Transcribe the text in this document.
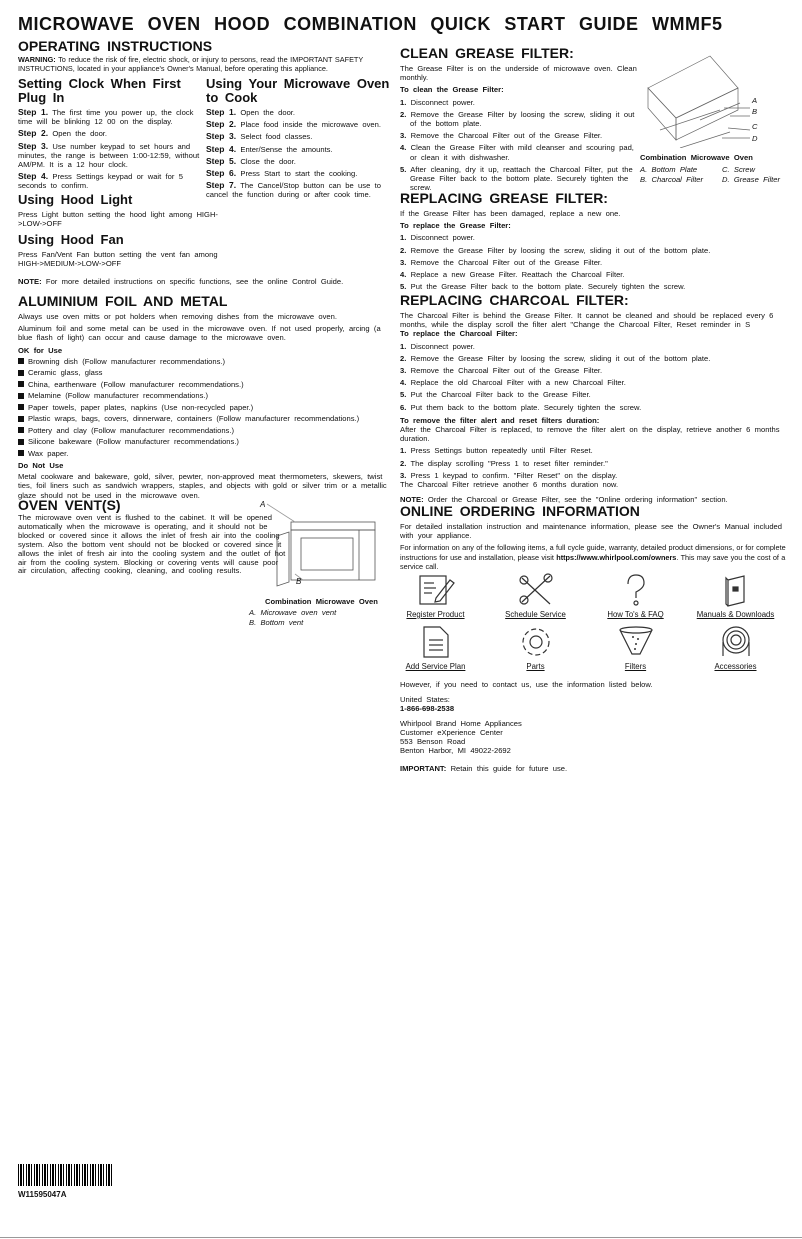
MICROWAVE OVEN HOOD COMBINATION QUICK START GUIDE WMMF5
OPERATING INSTRUCTIONS
WARNING: To reduce the risk of fire, electric shock, or injury to persons, read the IMPORTANT SAFETY INSTRUCTIONS, located in your appliance's Owner's Manual, before operating this appliance.
Setting Clock When First Plug In
Step 1. The first time you power up, the clock time will be blinking 12 00 on the display.
Step 2. Open the door.
Step 3. Use number keypad to set hours and minutes, the range is between 1:00-12:59, without AM/PM. It is a 12 hour clock.
Step 4. Press Settings keypad or wait for 5 seconds to confirm.
Using Your Microwave Oven to Cook
Step 1. Open the door.
Step 2. Place food inside the microwave oven.
Step 3. Select food classes.
Step 4. Enter/Sense the amounts.
Step 5. Close the door.
Step 6. Press Start to start the cooking.
Step 7. The Cancel/Stop button can be use to cancel the function during or after cook time.
Using Hood Light
Press Light button setting the hood light among HIGH->LOW->OFF
Using Hood Fan
Press Fan/Vent Fan button setting the vent fan among HIGH->MEDIUM->LOW->OFF
NOTE: For more detailed instructions on specific functions, see the online Control Guide.
ALUMINIUM FOIL AND METAL
Always use oven mitts or pot holders when removing dishes from the microwave oven.
Aluminum foil and some metal can be used in the microwave oven. If not used properly, arcing (a blue flash of light) can occur and cause damage to the microwave oven.
OK for Use
Browning dish (Follow manufacturer recommendations.)
Ceramic glass, glass
China, earthenware (Follow manufacturer recommendations.)
Melamine (Follow manufacturer recommendations.)
Paper towels, paper plates, napkins (Use non-recycled paper.)
Plastic wraps, bags, covers, dinnerware, containers (Follow manufacturer recommendations.)
Pottery and clay (Follow manufacturer recommendations.)
Silicone bakeware (Follow manufacturer recommendations.)
Wax paper.
Do Not Use
Metal cookware and bakeware, gold, silver, pewter, non-approved meat thermometers, skewers, twist ties, foil liners such as sandwich wrappers, staples, and objects with gold or silver trim or a metallic glaze should not be used in the microwave oven.
OVEN VENT(S)
The microwave oven vent is flushed to the cabinet. It will be opened automatically when the microwave is operating, and it should not be blocked or covered since it allows the inlet of fresh air into the cooling system. Also the bottom vent should not be blocked or covered since it allows the inlet of fresh air into the cooling system and the outlet of hot air from the cooling system. Blocking or covering vents will cause poor air circulation, affecting cooking, cleaning, and cooling results.
A
B
Combination Microwave Oven
A. Microwave oven vent
B. Bottom vent
CLEAN GREASE FILTER:
The Grease Filter is on the underside of microwave oven. Clean monthly.
To clean the Grease Filter:
1. Disconnect power.
2. Remove the Grease Filter by loosing the screw, sliding it out of the bottom plate.
3. Remove the Charcoal Filter out of the Grease Filter.
4. Clean the Grease Filter with mild cleanser and scouring pad, or clean it with dishwasher.
5. After cleaning, dry it up, reattach the Charcoal Filter, put the Grease Filter back to the bottom plate. Securely tighten the screw.
A
B
C
D
Combination Microwave Oven
A. Bottom Plate
B. Charcoal Filter
C. Screw
D. Grease Filter
REPLACING GREASE FILTER:
If the Grease Filter has been damaged, replace a new one.
To replace the Grease Filter:
1. Disconnect power.
2. Remove the Grease Filter by loosing the screw, sliding it out of the bottom plate.
3. Remove the Charcoal Filter out of the Grease Filter.
4. Replace a new Grease Filter. Reattach the Charcoal Filter.
5. Put the Grease Filter back to the bottom plate. Securely tighten the screw.
REPLACING CHARCOAL FILTER:
The Charcoal Filter is behind the Grease Filter. It cannot be cleaned and should be replaced every 6 months, while the display scroll the filter alert "Change the Charcoal Filter, Reset reminder in S
To replace the Charcoal Filter:
1. Disconnect power.
2. Remove the Grease Filter by loosing the screw, sliding it out of the bottom plate.
3. Remove the Charcoal Filter out of the Grease Filter.
4. Replace the old Charcoal Filter with a new Charcoal Filter.
5. Put the Charcoal Filter back to the Grease Filter.
6. Put them back to the bottom plate. Securely tighten the screw.
To remove the filter alert and reset filters duration:
After the Charcoal Filter is replaced, to remove the filter alert on the display, retrieve another 6 months duration.
1. Press Settings button repeatedly until Filter Reset.
2. The display scrolling "Press 1 to reset filter reminder."
3. Press 1 keypad to confirm. "Filter Reset" on the display.
The Charcoal Filter retrieve another 6 months duration now.
NOTE: Order the Charcoal or Grease Filter, see the "Online ordering information" section.
ONLINE ORDERING INFORMATION
For detailed installation instruction and maintenance information, please see the Owner's Manual included with your appliance.
For information on any of the following items, a full cycle guide, warranty, detailed product dimensions, or for complete instructions for use and installation, please visit https://www.whirlpool.com/owners. This may save you the cost of a service call.
Register Product	Schedule Service	How To's & FAQ	Manuals & Downloads
Add Service Plan	Parts	Filters	Accessories
However, if you need to contact us, use the information listed below.
United States:
1-866-698-2538
Whirlpool Brand Home Appliances
Customer eXperience Center
553 Benson Road
Benton Harbor, MI 49022-2692
IMPORTANT: Retain this guide for future use.
W11595047A
